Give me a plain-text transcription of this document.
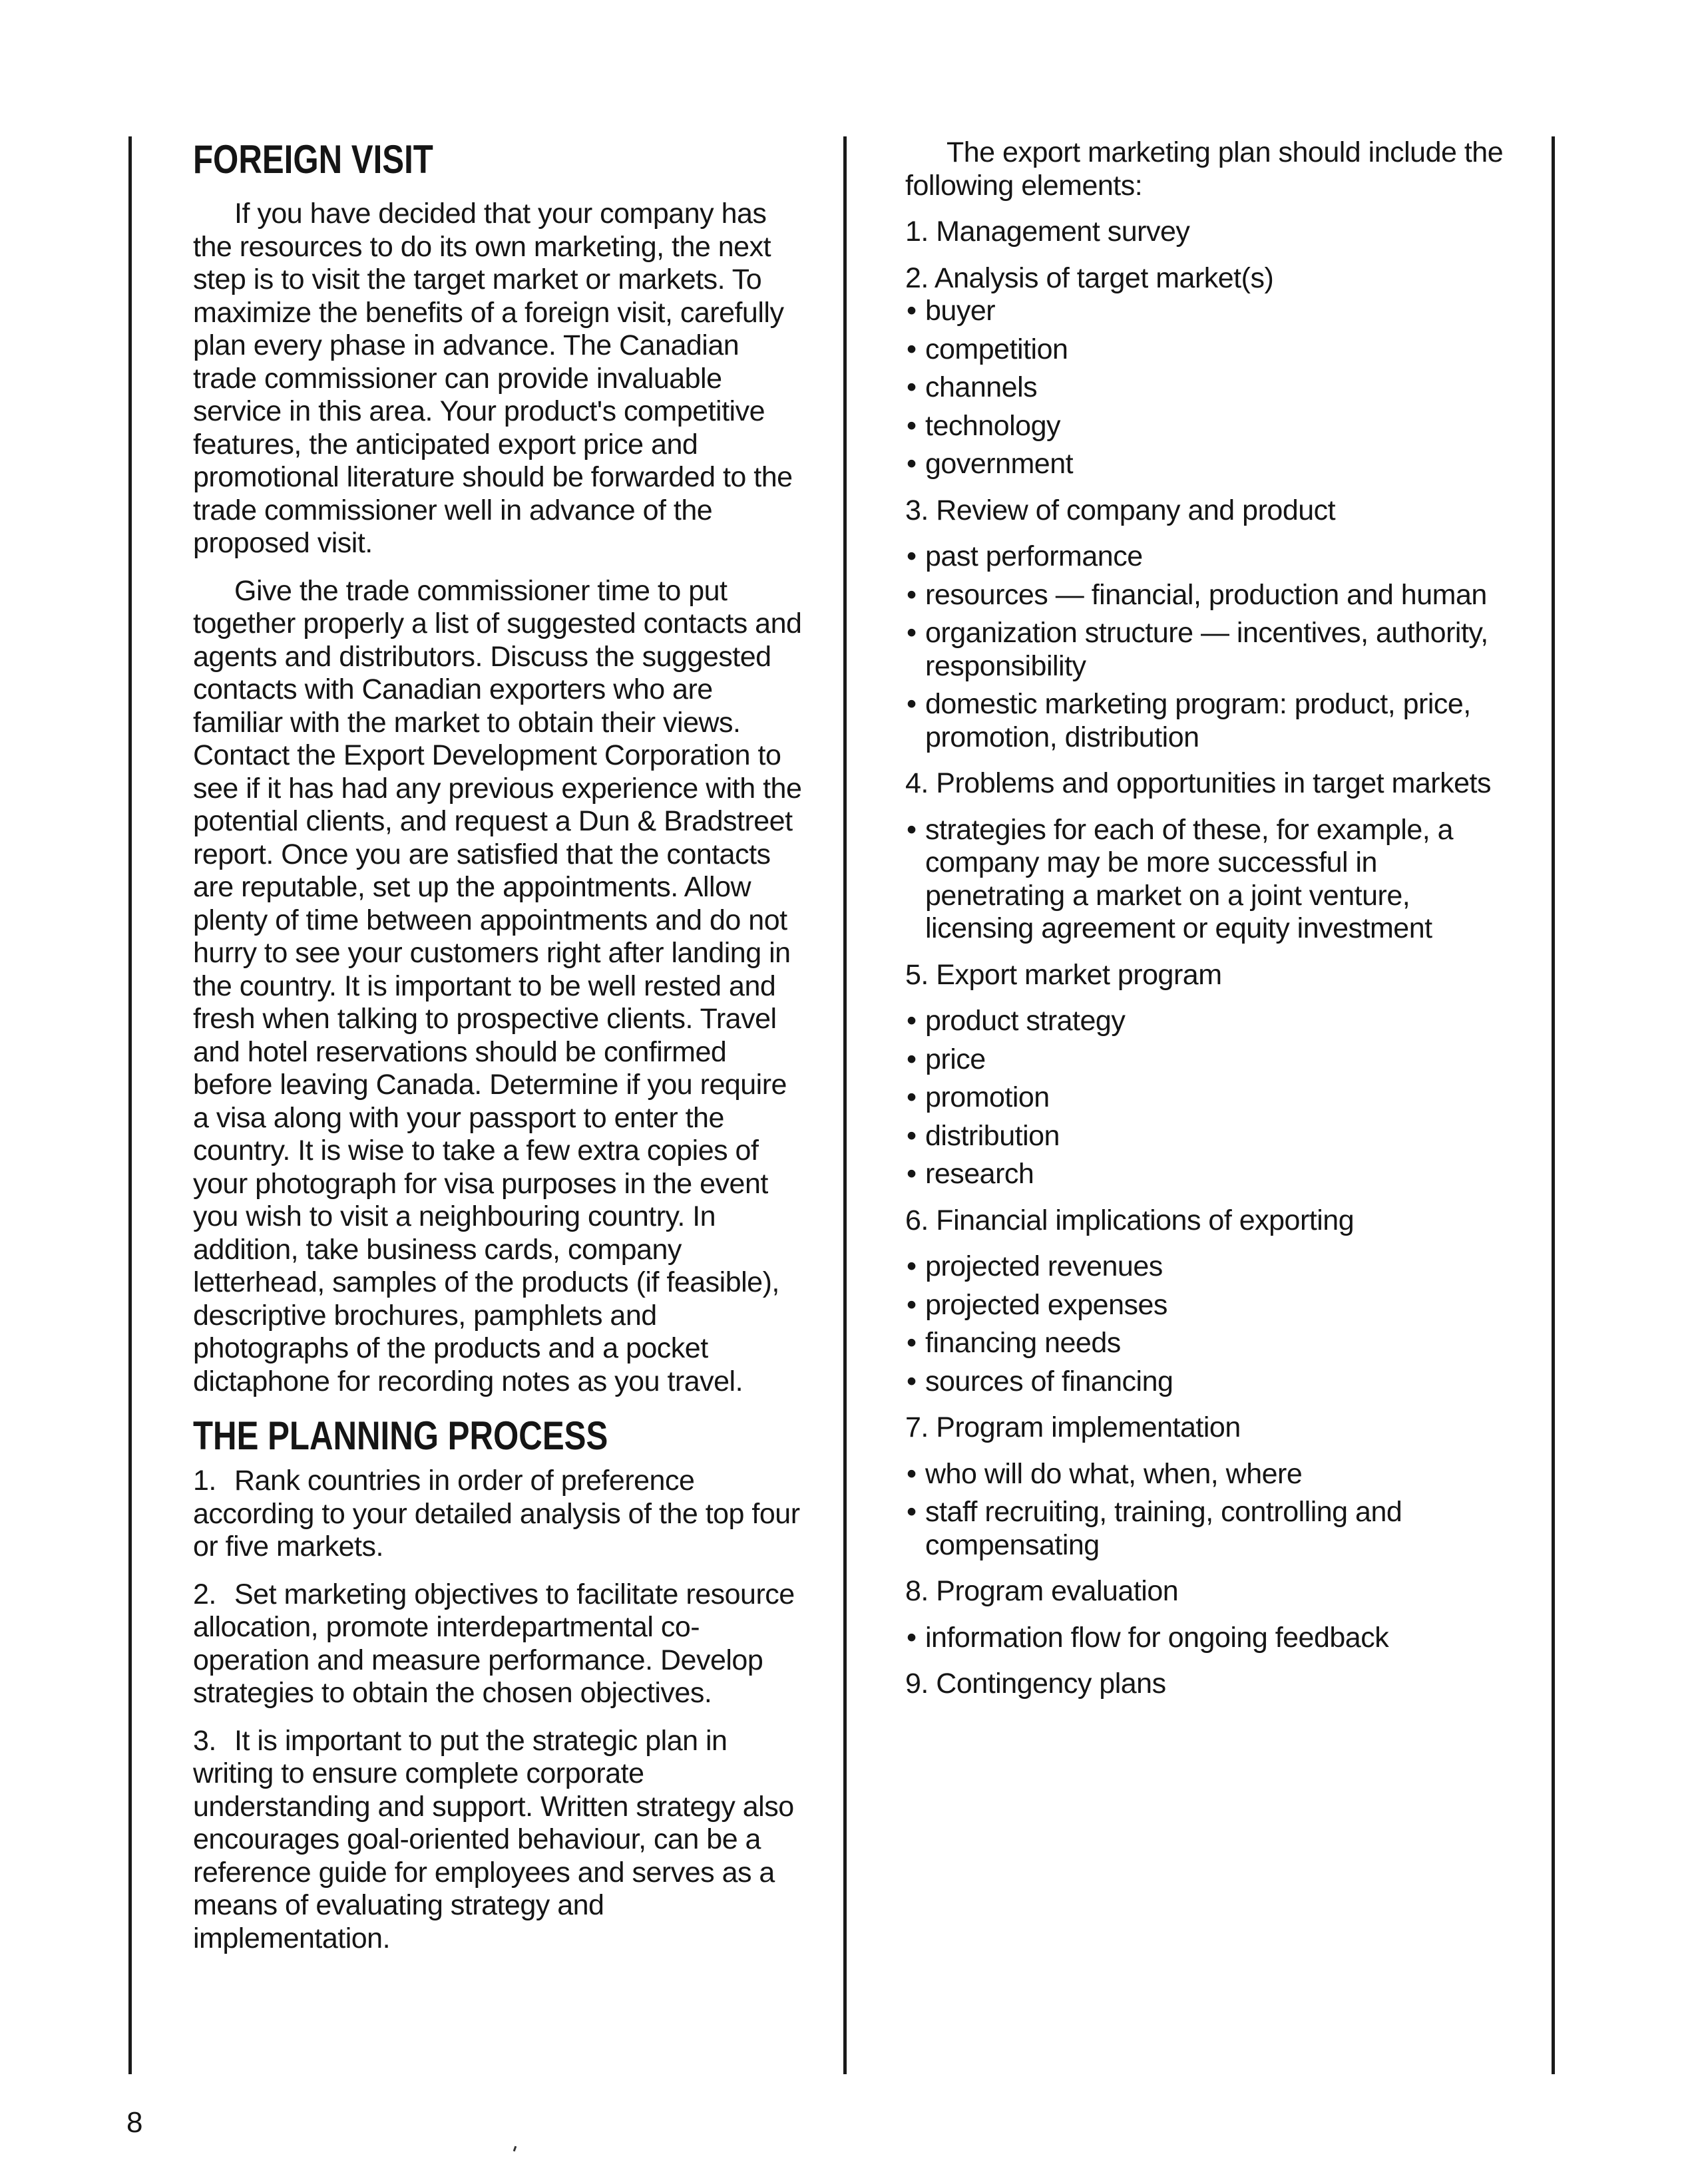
FOREIGN VISIT

If you have decided that your company has the resources to do its own marketing, the next step is to visit the target market or markets. To maximize the benefits of a foreign visit, carefully plan every phase in advance. The Canadian trade commissioner can provide invaluable service in this area. Your product's competitive features, the anticipated export price and promotional literature should be forwarded to the trade commissioner well in advance of the proposed visit.

Give the trade commissioner time to put together properly a list of suggested contacts and agents and distributors. Discuss the suggested contacts with Canadian exporters who are familiar with the market to obtain their views. Contact the Export Development Corporation to see if it has had any previous experience with the potential clients, and request a Dun & Bradstreet report. Once you are satisfied that the contacts are reputable, set up the appointments. Allow plenty of time between appointments and do not hurry to see your customers right after landing in the country. It is important to be well rested and fresh when talking to prospective clients. Travel and hotel reservations should be confirmed before leaving Canada. Determine if you require a visa along with your passport to enter the country. It is wise to take a few extra copies of your photograph for visa purposes in the event you wish to visit a neighbouring country. In addition, take business cards, company letterhead, samples of the products (if feasible), descriptive brochures, pamphlets and photographs of the products and a pocket dictaphone for recording notes as you travel.

THE PLANNING PROCESS

1. Rank countries in order of preference according to your detailed analysis of the top four or five markets.

2. Set marketing objectives to facilitate resource allocation, promote interdepartmental co-operation and measure performance. Develop strategies to obtain the chosen objectives.

3. It is important to put the strategic plan in writing to ensure complete corporate understanding and support. Written strategy also encourages goal-oriented behaviour, can be a reference guide for employees and serves as a means of evaluating strategy and implementation.

The export marketing plan should include the following elements:

1. Management survey

2. Analysis of target market(s)

• buyer
• competition
• channels
• technology
• government

3. Review of company and product

• past performance
• resources — financial, production and human
• organization structure — incentives, authority, responsibility
• domestic marketing program: product, price, promotion, distribution

4. Problems and opportunities in target markets

• strategies for each of these, for example, a company may be more successful in penetrating a market on a joint venture, licensing agreement or equity investment

5. Export market program

• product strategy
• price
• promotion
• distribution
• research

6. Financial implications of exporting

• projected revenues
• projected expenses
• financing needs
• sources of financing

7. Program implementation

• who will do what, when, where
• staff recruiting, training, controlling and compensating

8. Program evaluation

• information flow for ongoing feedback

9. Contingency plans

8
